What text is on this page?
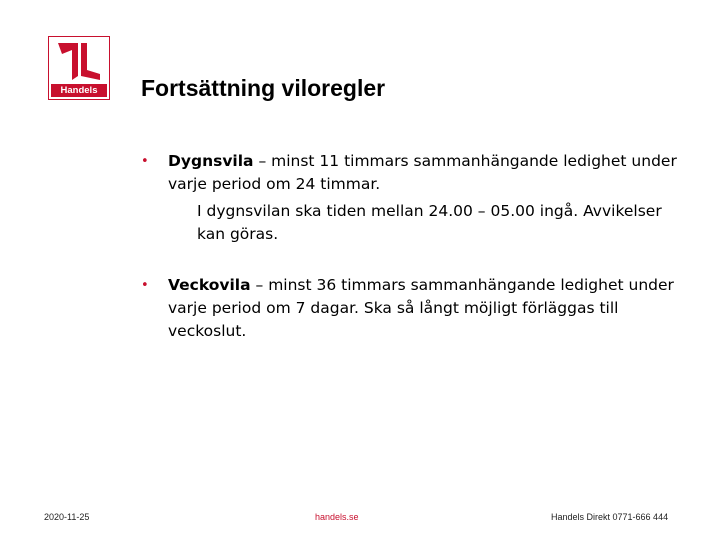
Handels	Fortsättning viloregler
• Dygnsvila – minst 11 timmars sammanhängande ledighet under varje period om 24 timmar.
I dygnsvilan ska tiden mellan 24.00 – 05.00 ingå. Avvikelser kan göras.
• Veckovila – minst 36 timmars sammanhängande ledighet under varje period om 7 dagar. Ska så långt möjligt förläggas till veckoslut.
2020-11-25	handels.se	Handels Direkt 0771-666 444
